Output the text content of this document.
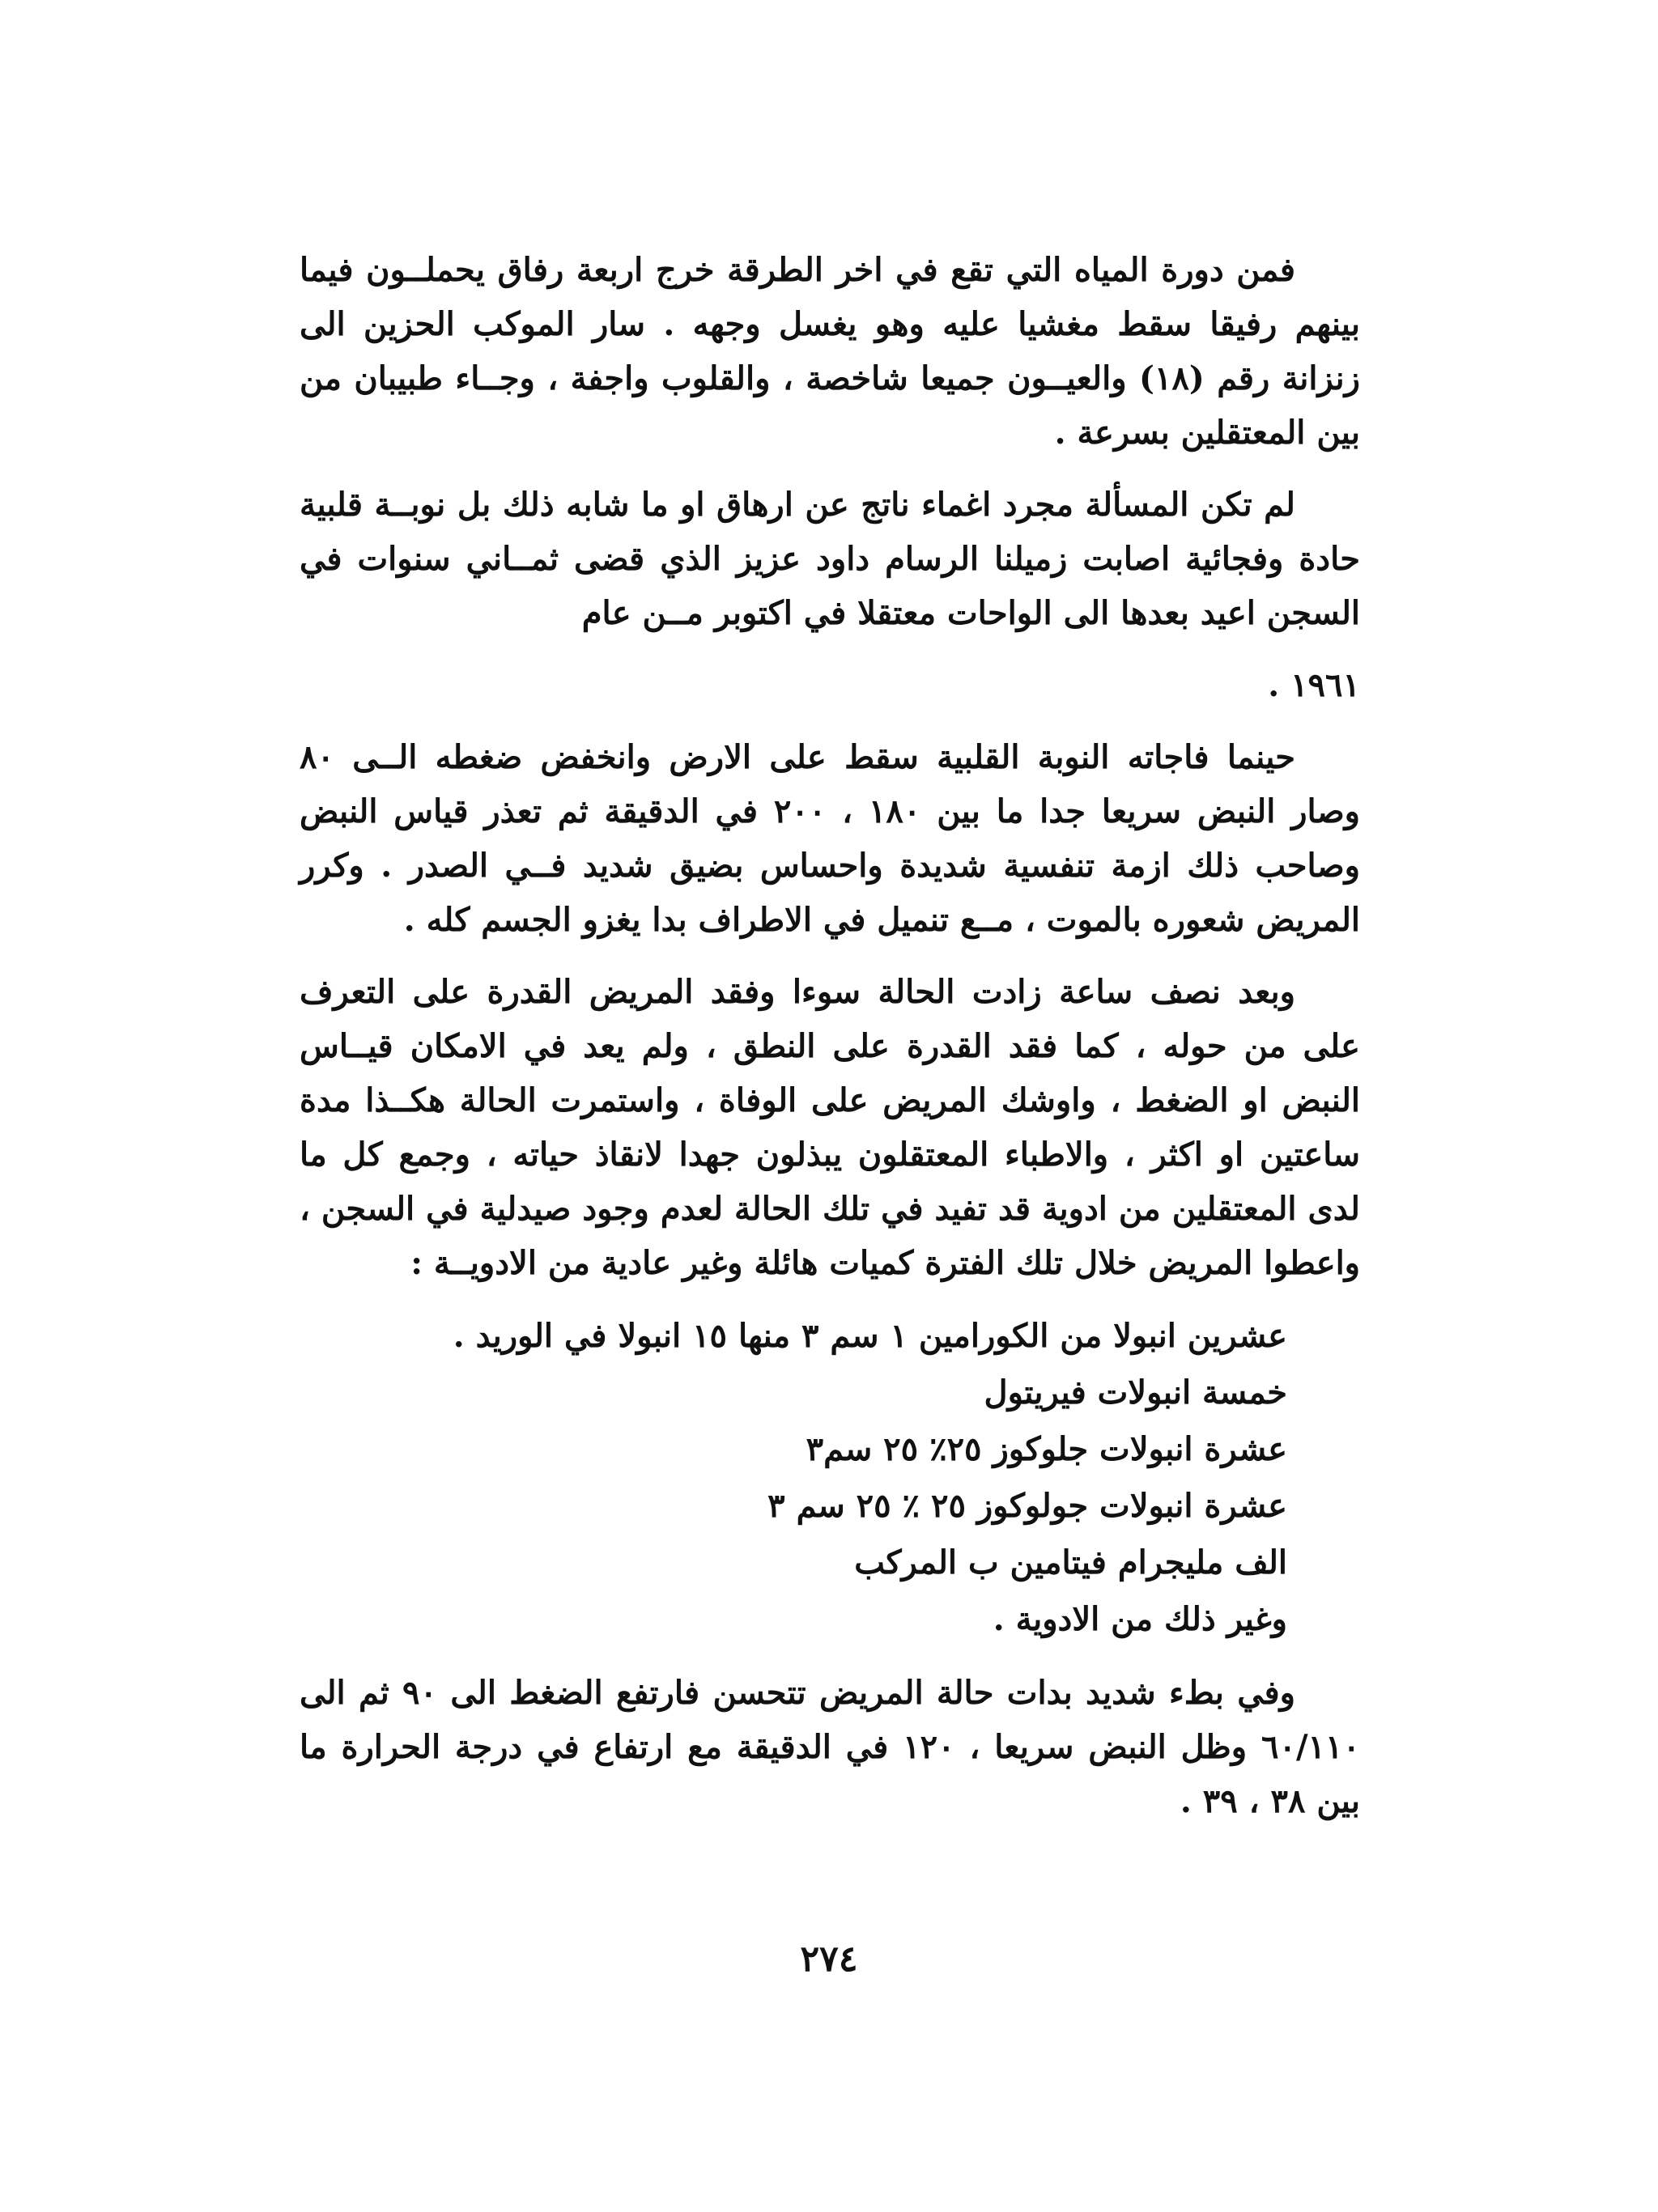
فمن دورة المياه التي تقع في اخر الطرقة خرج اربعة رفاق يحملــون فيما بينهم رفيقا سقط مغشيا عليه وهو يغسل وجهه . سار الموكب الحزين الى زنزانة رقم (١٨) والعيــون جميعا شاخصة ، والقلوب واجفة ، وجــاء طبيبان من بين المعتقلين بسرعة .

لم تكن المسألة مجرد اغماء ناتج عن ارهاق او ما شابه ذلك بل نوبــة قلبية حادة وفجائية اصابت زميلنا الرسام داود عزيز الذي قضى ثمــاني سنوات في السجن اعيد بعدها الى الواحات معتقلا في اكتوبر مــن عام

١٩٦١ .

حينما فاجاته النوبة القلبية سقط على الارض وانخفض ضغطه الــى ٨٠ وصار النبض سريعا جدا ما بين ١٨٠ ، ٢٠٠ في الدقيقة ثم تعذر قياس النبض وصاحب ذلك ازمة تنفسية شديدة واحساس بضيق شديد فــي الصدر . وكرر المريض شعوره بالموت ، مــع تنميل في الاطراف بدا يغزو الجسم كله .

وبعد نصف ساعة زادت الحالة سوءا وفقد المريض القدرة على التعرف على من حوله ، كما فقد القدرة على النطق ، ولم يعد في الامكان قيــاس النبض او الضغط ، واوشك المريض على الوفاة ، واستمرت الحالة هكــذا مدة ساعتين او اكثر ، والاطباء المعتقلون يبذلون جهدا لانقاذ حياته ، وجمع كل ما لدى المعتقلين من ادوية قد تفيد في تلك الحالة لعدم وجود صيدلية في السجن ، واعطوا المريض خلال تلك الفترة كميات هائلة وغير عادية من الادويــة :

عشرين انبولا من الكورامين ١ سم ٣ منها ١٥ انبولا في الوريد .
خمسة انبولات فيريتول
عشرة انبولات جلوكوز ٢٥٪ ٢٥ سم٣
عشرة انبولات جولوكوز ٢٥ ٪ ٢٥ سم ٣
الف مليجرام فيتامين ب المركب
وغير ذلك من الادوية .

وفي بطء شديد بدات حالة المريض تتحسن فارتفع الضغط الى ٩٠ ثم الى ٦٠/١١٠ وظل النبض سريعا ، ١٢٠ في الدقيقة مع ارتفاع في درجة الحرارة ما بين ٣٨ ، ٣٩ .

٢٧٤
